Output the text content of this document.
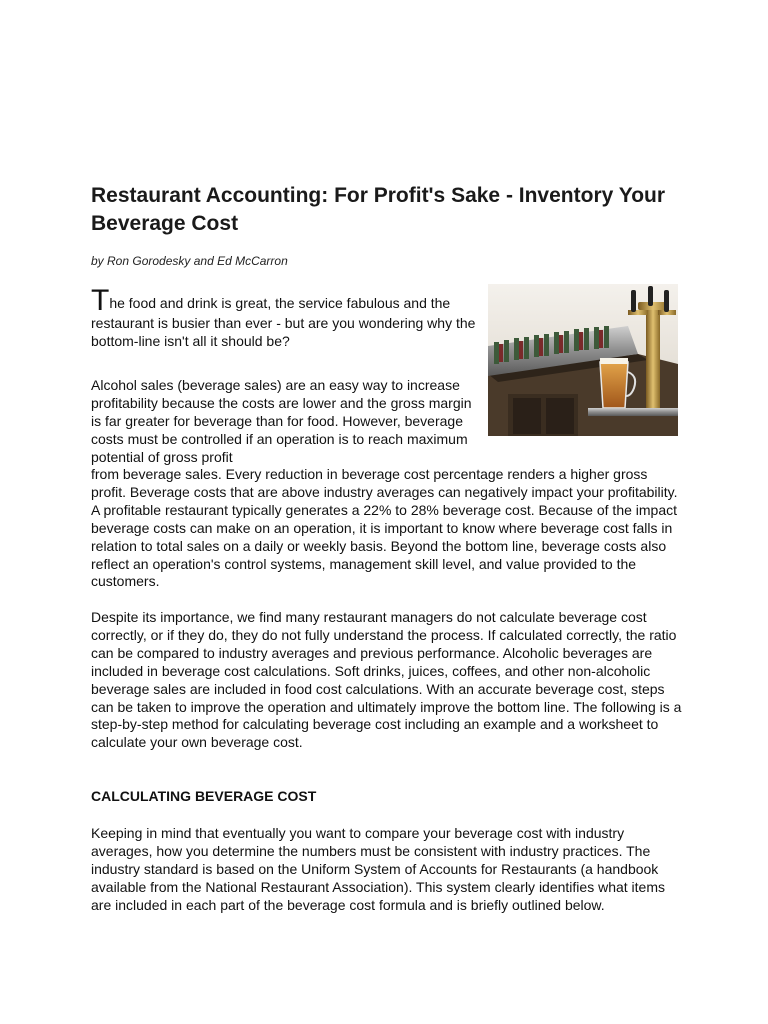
Restaurant Accounting: For Profit's Sake - Inventory Your Beverage Cost

by Ron Gorodesky and Ed McCarron

The food and drink is great, the service fabulous and the restaurant is busier than ever - but are you wondering why the bottom-line isn't all it should be?

Alcohol sales (beverage sales) are an easy way to increase profitability because the costs are lower and the gross margin is far greater for beverage than for food. However, beverage costs must be controlled if an operation is to reach maximum potential of gross profit

from beverage sales. Every reduction in beverage cost percentage renders a higher gross profit. Beverage costs that are above industry averages can negatively impact your profitability. A profitable restaurant typically generates a 22% to 28% beverage cost. Because of the impact beverage costs can make on an operation, it is important to know where beverage cost falls in relation to total sales on a daily or weekly basis. Beyond the bottom line, beverage costs also reflect an operation's control systems, management skill level, and value provided to the customers.

Despite its importance, we find many restaurant managers do not calculate beverage cost correctly, or if they do, they do not fully understand the process. If calculated correctly, the ratio can be compared to industry averages and previous performance. Alcoholic beverages are included in beverage cost calculations. Soft drinks, juices, coffees, and other non-alcoholic beverage sales are included in food cost calculations. With an accurate beverage cost, steps can be taken to improve the operation and ultimately improve the bottom line. The following is a step-by-step method for calculating beverage cost including an example and a worksheet to calculate your own beverage cost.

CALCULATING BEVERAGE COST

Keeping in mind that eventually you want to compare your beverage cost with industry averages, how you determine the numbers must be consistent with industry practices. The industry standard is based on the Uniform System of Accounts for Restaurants (a handbook available from the National Restaurant Association). This system clearly identifies what items are included in each part of the beverage cost formula and is briefly outlined below.
